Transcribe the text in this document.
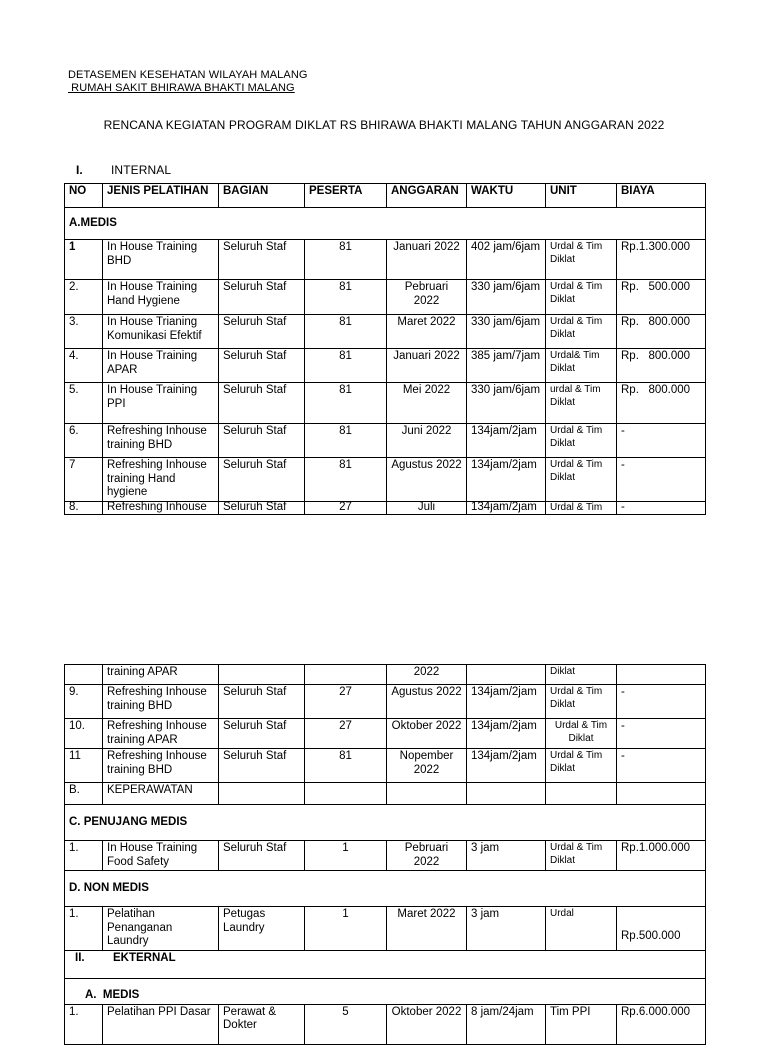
DETASEMEN KESEHATAN WILAYAH MALANG
RUMAH SAKIT BHIRAWA BHAKTI MALANG
RENCANA KEGIATAN PROGRAM DIKLAT RS BHIRAWA BHAKTI MALANG TAHUN ANGGARAN 2022
I. INTERNAL
NO	JENIS PELATIHAN	BAGIAN	PESERTA	ANGGARAN	WAKTU	UNIT	BIAYA
A.MEDIS							
1	In House Training BHD	Seluruh Staf	81	Januari 2022	402 jam/6jam	Urdal & Tim Diklat	Rp.1.300.000
2.	In House Training Hand Hygiene	Seluruh Staf	81	Pebruari 2022	330 jam/6jam	Urdal & Tim Diklat	Rp.   500.000
3.	In House Trianing Komunikasi Efektif	Seluruh Staf	81	Maret 2022	330 jam/6jam	Urdal & Tim Diklat	Rp.   800.000
4.	In House Training APAR	Seluruh Staf	81	Januari 2022	385 jam/7jam	Urdal& Tim Diklat	Rp.   800.000
5.	In House Training PPI	Seluruh Staf	81	Mei 2022	330 jam/6jam	urdal & Tim Diklat	Rp.   800.000
6.	Refreshing Inhouse training BHD	Seluruh Staf	81	Juni 2022	134jam/2jam	Urdal & Tim Diklat	-
7	Refreshing Inhouse training Hand hygiene	Seluruh Staf	81	Agustus 2022	134jam/2jam	Urdal & Tim Diklat	-
8.	Refreshing Inhouse	Seluruh Staf	27	Juli	134jam/2jam	Urdal & Tim	-
	training APAR			2022		Diklat	
9.	Refreshing Inhouse training BHD	Seluruh Staf	27	Agustus 2022	134jam/2jam	Urdal & Tim Diklat	-
10.	Refreshing Inhouse training APAR	Seluruh Staf	27	Oktober 2022	134jam/2jam	Urdal & Tim Diklat	-
11	Refreshing Inhouse training BHD	Seluruh Staf	81	Nopember 2022	134jam/2jam	Urdal & Tim Diklat	-
B.	KEPERAWATAN						
C. PENUJANG MEDIS							
1.	In House Training Food Safety	Seluruh Staf	1	Pebruari 2022	3 jam	Urdal & Tim Diklat	Rp.1.000.000
D. NON MEDIS							
1.	Pelatihan Penanganan Laundry	Petugas Laundry	1	Maret 2022	3 jam	Urdal	Rp.500.000
II. EKTERNAL							
A.  MEDIS							
1.	Pelatihan PPI Dasar	Perawat & Dokter	5	Oktober 2022	8 jam/24jam	Tim PPI	Rp.6.000.000
